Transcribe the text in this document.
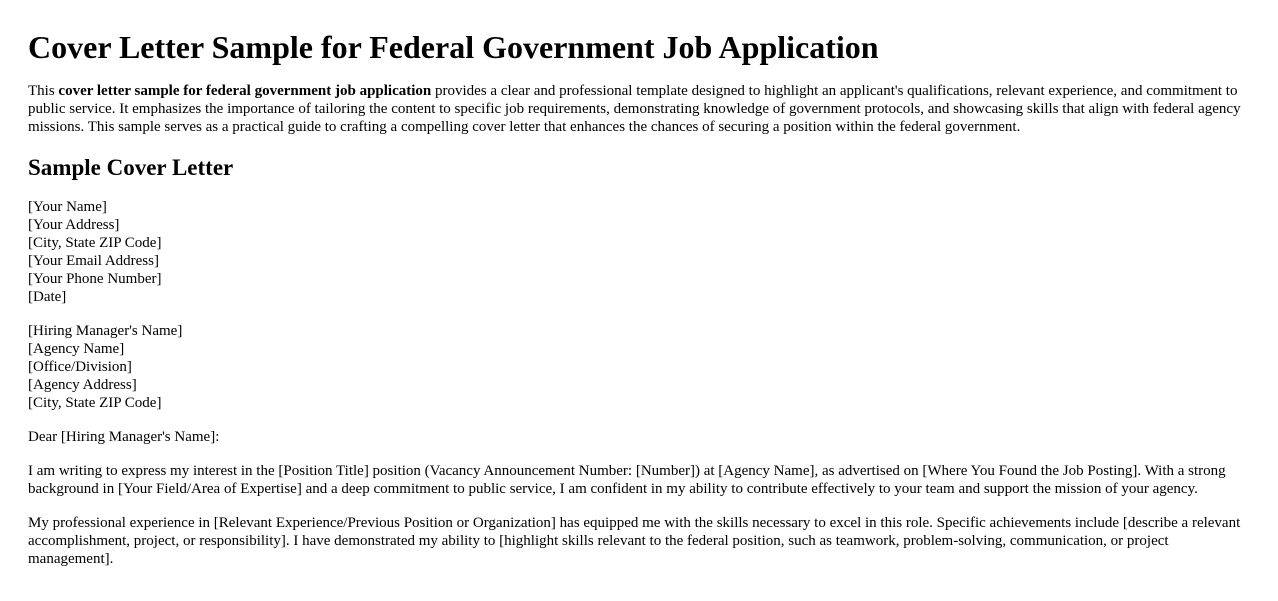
Cover Letter Sample for Federal Government Job Application

This cover letter sample for federal government job application provides a clear and professional template designed to highlight an applicant's qualifications, relevant experience, and commitment to public service. It emphasizes the importance of tailoring the content to specific job requirements, demonstrating knowledge of government protocols, and showcasing skills that align with federal agency missions. This sample serves as a practical guide to crafting a compelling cover letter that enhances the chances of securing a position within the federal government.

Sample Cover Letter
[Your Name]
[Your Address]
[City, State ZIP Code]
[Your Email Address]
[Your Phone Number]
[Date]
[Hiring Manager's Name]
[Agency Name]
[Office/Division]
[Agency Address]
[City, State ZIP Code]

Dear [Hiring Manager's Name]:

I am writing to express my interest in the [Position Title] position (Vacancy Announcement Number: [Number]) at [Agency Name], as advertised on [Where You Found the Job Posting]. With a strong background in [Your Field/Area of Expertise] and a deep commitment to public service, I am confident in my ability to contribute effectively to your team and support the mission of your agency.

My professional experience in [Relevant Experience/Previous Position or Organization] has equipped me with the skills necessary to excel in this role. Specific achievements include [describe a relevant accomplishment, project, or responsibility]. I have demonstrated my ability to [highlight skills relevant to the federal position, such as teamwork, problem-solving, communication, or project management].
